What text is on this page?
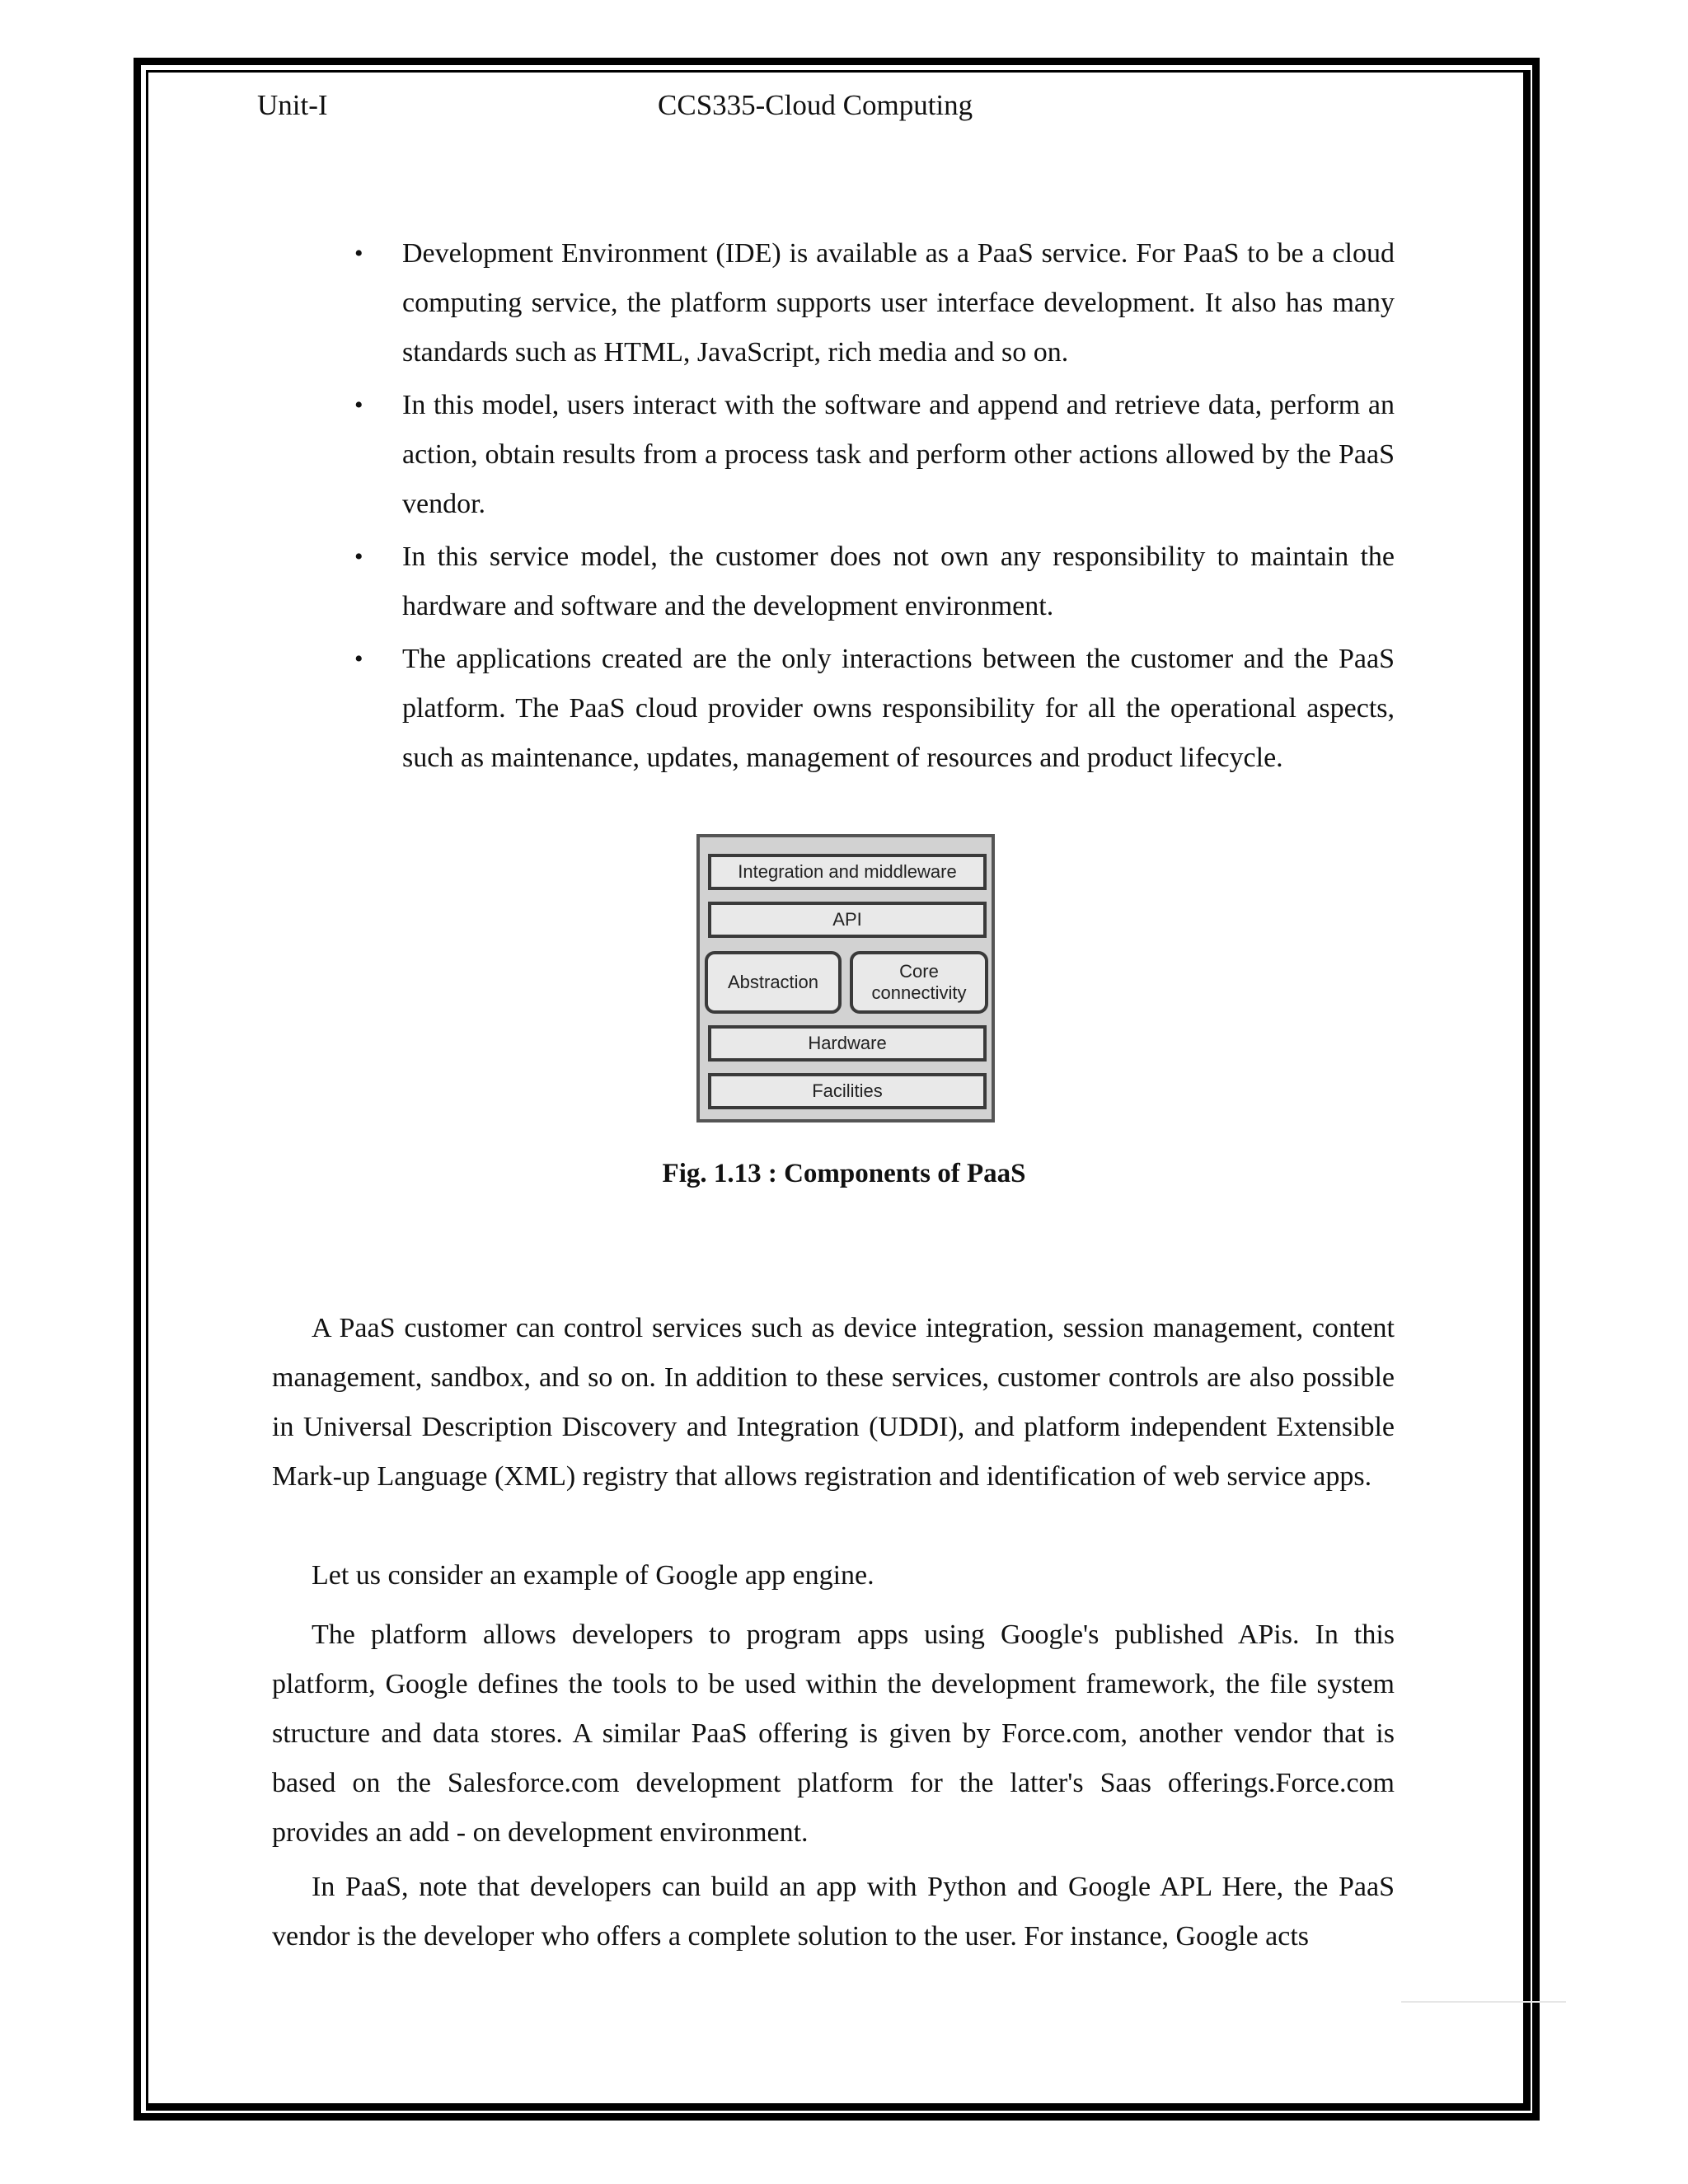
Unit-I	CCS335-Cloud Computing
• Development Environment (IDE) is available as a PaaS service. For PaaS to be a cloud computing service, the platform supports user interface development. It also has many standards such as HTML, JavaScript, rich media and so on.
• In this model, users interact with the software and append and retrieve data, perform an action, obtain results from a process task and perform other actions allowed by the PaaS vendor.
• In this service model, the customer does not own any responsibility to maintain the hardware and software and the development environment.
• The applications created are the only interactions between the customer and the PaaS platform. The PaaS cloud provider owns responsibility for all the operational aspects, such as maintenance, updates, management of resources and product lifecycle.
Integration and middleware
API
Abstraction
Core
connectivity
Hardware
Facilities
Fig. 1.13 : Components of PaaS

A PaaS customer can control services such as device integration, session management, content management, sandbox, and so on. In addition to these services, customer controls are also possible in Universal Description Discovery and Integration (UDDI), and platform independent Extensible Mark-up Language (XML) registry that allows registration and identification of web service apps.

Let us consider an example of Google app engine.

The platform allows developers to program apps using Google's published APis. In this platform, Google defines the tools to be used within the development framework, the file system structure and data stores. A similar PaaS offering is given by Force.com, another vendor that is based on the Salesforce.com development platform for the latter's Saas offerings.Force.com provides an add - on development environment.

In PaaS, note that developers can build an app with Python and Google APL Here, the PaaS vendor is the developer who offers a complete solution to the user. For instance, Google acts
